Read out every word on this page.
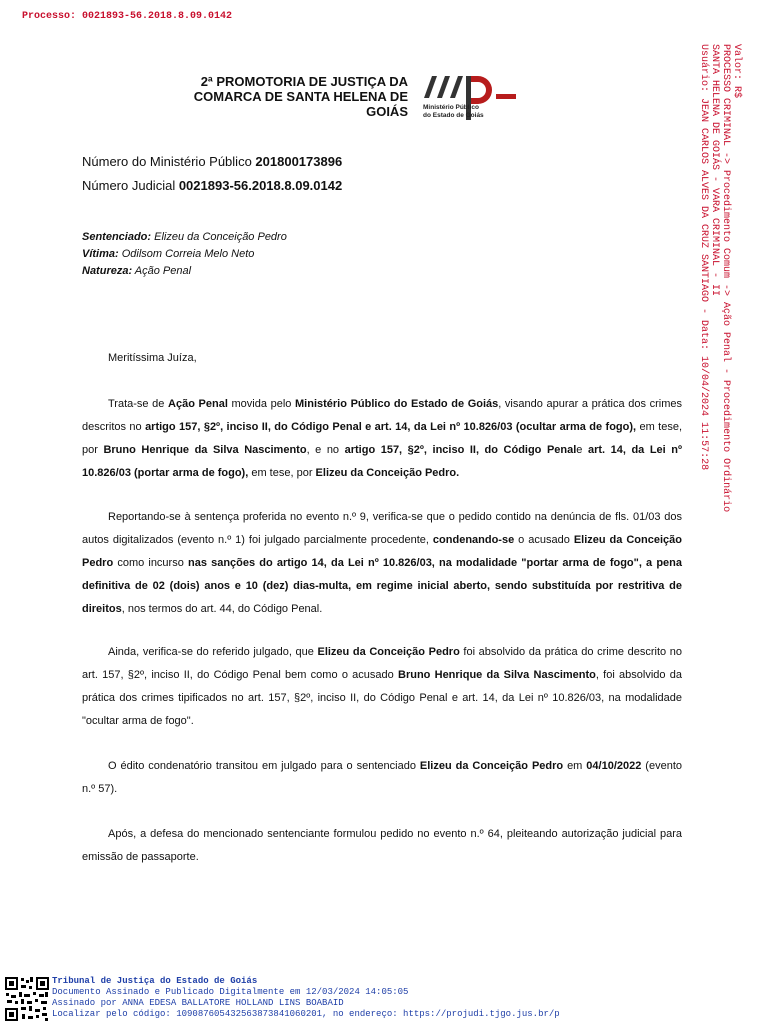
Processo: 0021893-56.2018.8.09.0142
Valor: R$
PROCESSO CRIMINAL -> Procedimento Comum -> Ação Penal - Procedimento Ordinário
SANTA HELENA DE GOIÁS - VARA CRIMINAL - II
Usuário: JEAN CARLOS ALVES DA CRUZ SANTIAGO - Data: 10/04/2024 11:57:28
2ª PROMOTORIA DE JUSTIÇA DA
COMARCA DE SANTA HELENA DE
GOIÁS Ministério Público
do Estado de Goiás
Número do Ministério Público 201800173896
Número Judicial 0021893-56.2018.8.09.0142
Sentenciado: Elizeu da Conceição Pedro
Vítima: Odilsom Correia Melo Neto
Natureza: Ação Penal

Meritíssima Juíza,

Trata-se de Ação Penal movida pelo Ministério Público do Estado de Goiás, visando apurar a prática dos crimes descritos no artigo 157, §2º, inciso II, do Código Penal e art. 14, da Lei nº 10.826/03 (ocultar arma de fogo), em tese, por Bruno Henrique da Silva Nascimento, e no artigo 157, §2º, inciso II, do Código Penale art. 14, da Lei nº 10.826/03 (portar arma de fogo), em tese, por Elizeu da Conceição Pedro.

Reportando-se à sentença proferida no evento n.º 9, verifica-se que o pedido contido na denúncia de fls. 01/03 dos autos digitalizados (evento n.º 1) foi julgado parcialmente procedente, condenando-se o acusado Elizeu da Conceição Pedro como incurso nas sanções do artigo 14, da Lei nº 10.826/03, na modalidade "portar arma de fogo", a pena definitiva de 02 (dois) anos e 10 (dez) dias-multa, em regime inicial aberto, sendo substituída por restritiva de direitos, nos termos do art. 44, do Código Penal.

Ainda, verifica-se do referido julgado, que Elizeu da Conceição Pedro foi absolvido da prática do crime descrito no art. 157, §2º, inciso II, do Código Penal bem como o acusado Bruno Henrique da Silva Nascimento, foi absolvido da prática dos crimes tipificados no art. 157, §2º, inciso II, do Código Penal e art. 14, da Lei nº 10.826/03, na modalidade "ocultar arma de fogo".

O édito condenatório transitou em julgado para o sentenciado Elizeu da Conceição Pedro em 04/10/2022 (evento n.º 57).

Após, a defesa do mencionado sentenciante formulou pedido no evento n.º 64, pleiteando autorização judicial para emissão de passaporte.

Tribunal de Justiça do Estado de Goiás
Documento Assinado e Publicado Digitalmente em 12/03/2024 14:05:05
Assinado por ANNA EDESA BALLATORE HOLLAND LINS BOABAID
Localizar pelo código: 109087605432563873841060201, no endereço: https://projudi.tjgo.jus.br/p
